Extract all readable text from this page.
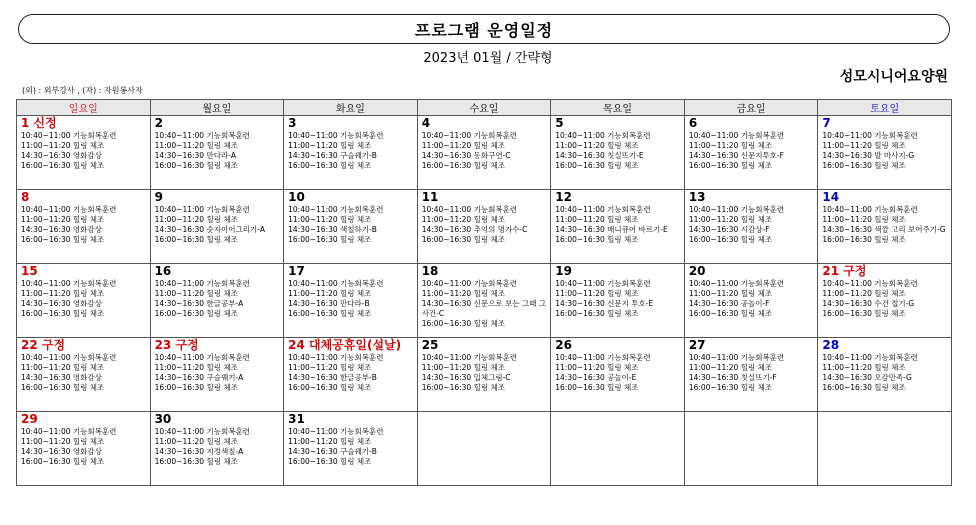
프로그램 운영일정
2023년 01월 / 간략형
성모시니어요양원
(외) : 외부강사 , (자) : 자원봉사자
일요일	월요일	화요일	수요일	목요일	금요일	토요일

1 신정
10:40~11:00 기능회복훈련
11:00~11:20 힐링 체조
14:30~16:30 영화감상
16:00~16:30 힐링 체조	2
10:40~11:00 기능회복훈련
11:00~11:20 힐링 체조
14:30~16:30 만다라-A
16:00~16:30 힐링 체조	3
10:40~11:00 기능회복훈련
11:00~11:20 힐링 체조
14:30~16:30 구슬꿰기-B
16:00~16:30 힐링 체조	4
10:40~11:00 기능회복훈련
11:00~11:20 힐링 체조
14:30~16:30 동화구연-C
16:00~16:30 힐링 체조	5
10:40~11:00 기능회복훈련
11:00~11:20 힐링 체조
14:30~16:30 칫실뜨기-E
16:00~16:30 힐링 체조	6
10:40~11:00 기능회복훈련
11:00~11:20 힐링 체조
14:30~16:30 신문지투호-F
16:00~16:30 힐링 체조	7
10:40~11:00 기능회복훈련
11:00~11:20 힐링 체조
14:30~16:30 발 마사지-G
16:00~16:30 힐링 체조

8
10:40~11:00 기능회복훈련
11:00~11:20 힐링 체조
14:30~16:30 영화감상
16:00~16:30 힐링 체조	9
10:40~11:00 기능회복훈련
11:00~11:20 힐링 체조
14:30~16:30 숫자이어그리기-A
16:00~16:30 힐링 체조	10
10:40~11:00 기능회복훈련
11:00~11:20 힐링 체조
14:30~16:30 색칠하기-B
16:00~16:30 힐링 체조	11
10:40~11:00 기능회복훈련
11:00~11:20 힐링 체조
14:30~16:30 추억의 명가수-C
16:00~16:30 힐링 체조	12
10:40~11:00 기능회복훈련
11:00~11:20 힐링 체조
14:30~16:30 매니큐어 바르기-E
16:00~16:30 힐링 체조	13
10:40~11:00 기능회복훈련
11:00~11:20 힐링 체조
14:30~16:30 시감상-F
16:00~16:30 힐링 체조	14
10:40~11:00 기능회복훈련
11:00~11:20 힐링 체조
14:30~16:30 색깔 고리 보어주기-G
16:00~16:30 힐링 체조

15
10:40~11:00 기능회복훈련
11:00~11:20 힐링 체조
14:30~16:30 영화감상
16:00~16:30 힐링 체조	16
10:40~11:00 기능회복훈련
11:00~11:20 힐링 체조
14:30~16:30 한글공부-A
16:00~16:30 힐링 체조	17
10:40~11:00 기능회복훈련
11:00~11:20 힐링 체조
14:30~16:30 만다라-B
16:00~16:30 힐링 체조	18
10:40~11:00 기능회복훈련
11:00~11:20 힐링 체조
14:30~16:30 신문으로 보는 그때 그 사건-C
16:00~16:30 힐링 체조	19
10:40~11:00 기능회복훈련
11:00~11:20 힐링 체조
14:30~16:30 신문지 투호-E
16:00~16:30 힐링 체조	20
10:40~11:00 기능회복훈련
11:00~11:20 힐링 체조
14:30~16:30 공놀이-F
16:00~16:30 힐링 체조	21 구정
10:40~11:00 기능회복훈련
11:00~11:20 힐링 체조
14:30~16:30 수건 접기-G
16:00~16:30 힐링 체조

22 구정
10:40~11:00 기능회복훈련
11:00~11:20 힐링 체조
14:30~16:30 영화감상
16:00~16:30 힐링 체조	23 구정
10:40~11:00 기능회복훈련
11:00~11:20 힐링 체조
14:30~16:30 구슬꿰기-A
16:00~16:30 힐링 체조	24 대체공휴일(설날)
10:40~11:00 기능회복훈련
11:00~11:20 힐링 체조
14:30~16:30 한글공부-B
16:00~16:30 힐링 체조	25
10:40~11:00 기능회복훈련
11:00~11:20 힐링 체조
14:30~16:30 입체그림-C
16:00~16:30 힐링 체조	26
10:40~11:00 기능회복훈련
11:00~11:20 힐링 체조
14:30~16:30 공놀이-E
16:00~16:30 힐링 체조	27
10:40~11:00 기능회복훈련
11:00~11:20 힐링 체조
14:30~16:30 칫실뜨기-F
16:00~16:30 힐링 체조	28
10:40~11:00 기능회복훈련
11:00~11:20 힐링 체조
14:30~16:30 오감만족-G
16:00~16:30 힐링 체조

29
10:40~11:00 기능회복훈련
11:00~11:20 힐링 체조
14:30~16:30 영화감상
16:00~16:30 힐링 체조	30
10:40~11:00 기능회복훈련
11:00~11:20 힐링 체조
14:30~16:30 지정색칠-A
16:00~16:30 힐링 체조	31
10:40~11:00 기능회복훈련
11:00~11:20 힐링 체조
14:30~16:30 구슬꿰기-B
16:00~16:30 힐링 체조				
